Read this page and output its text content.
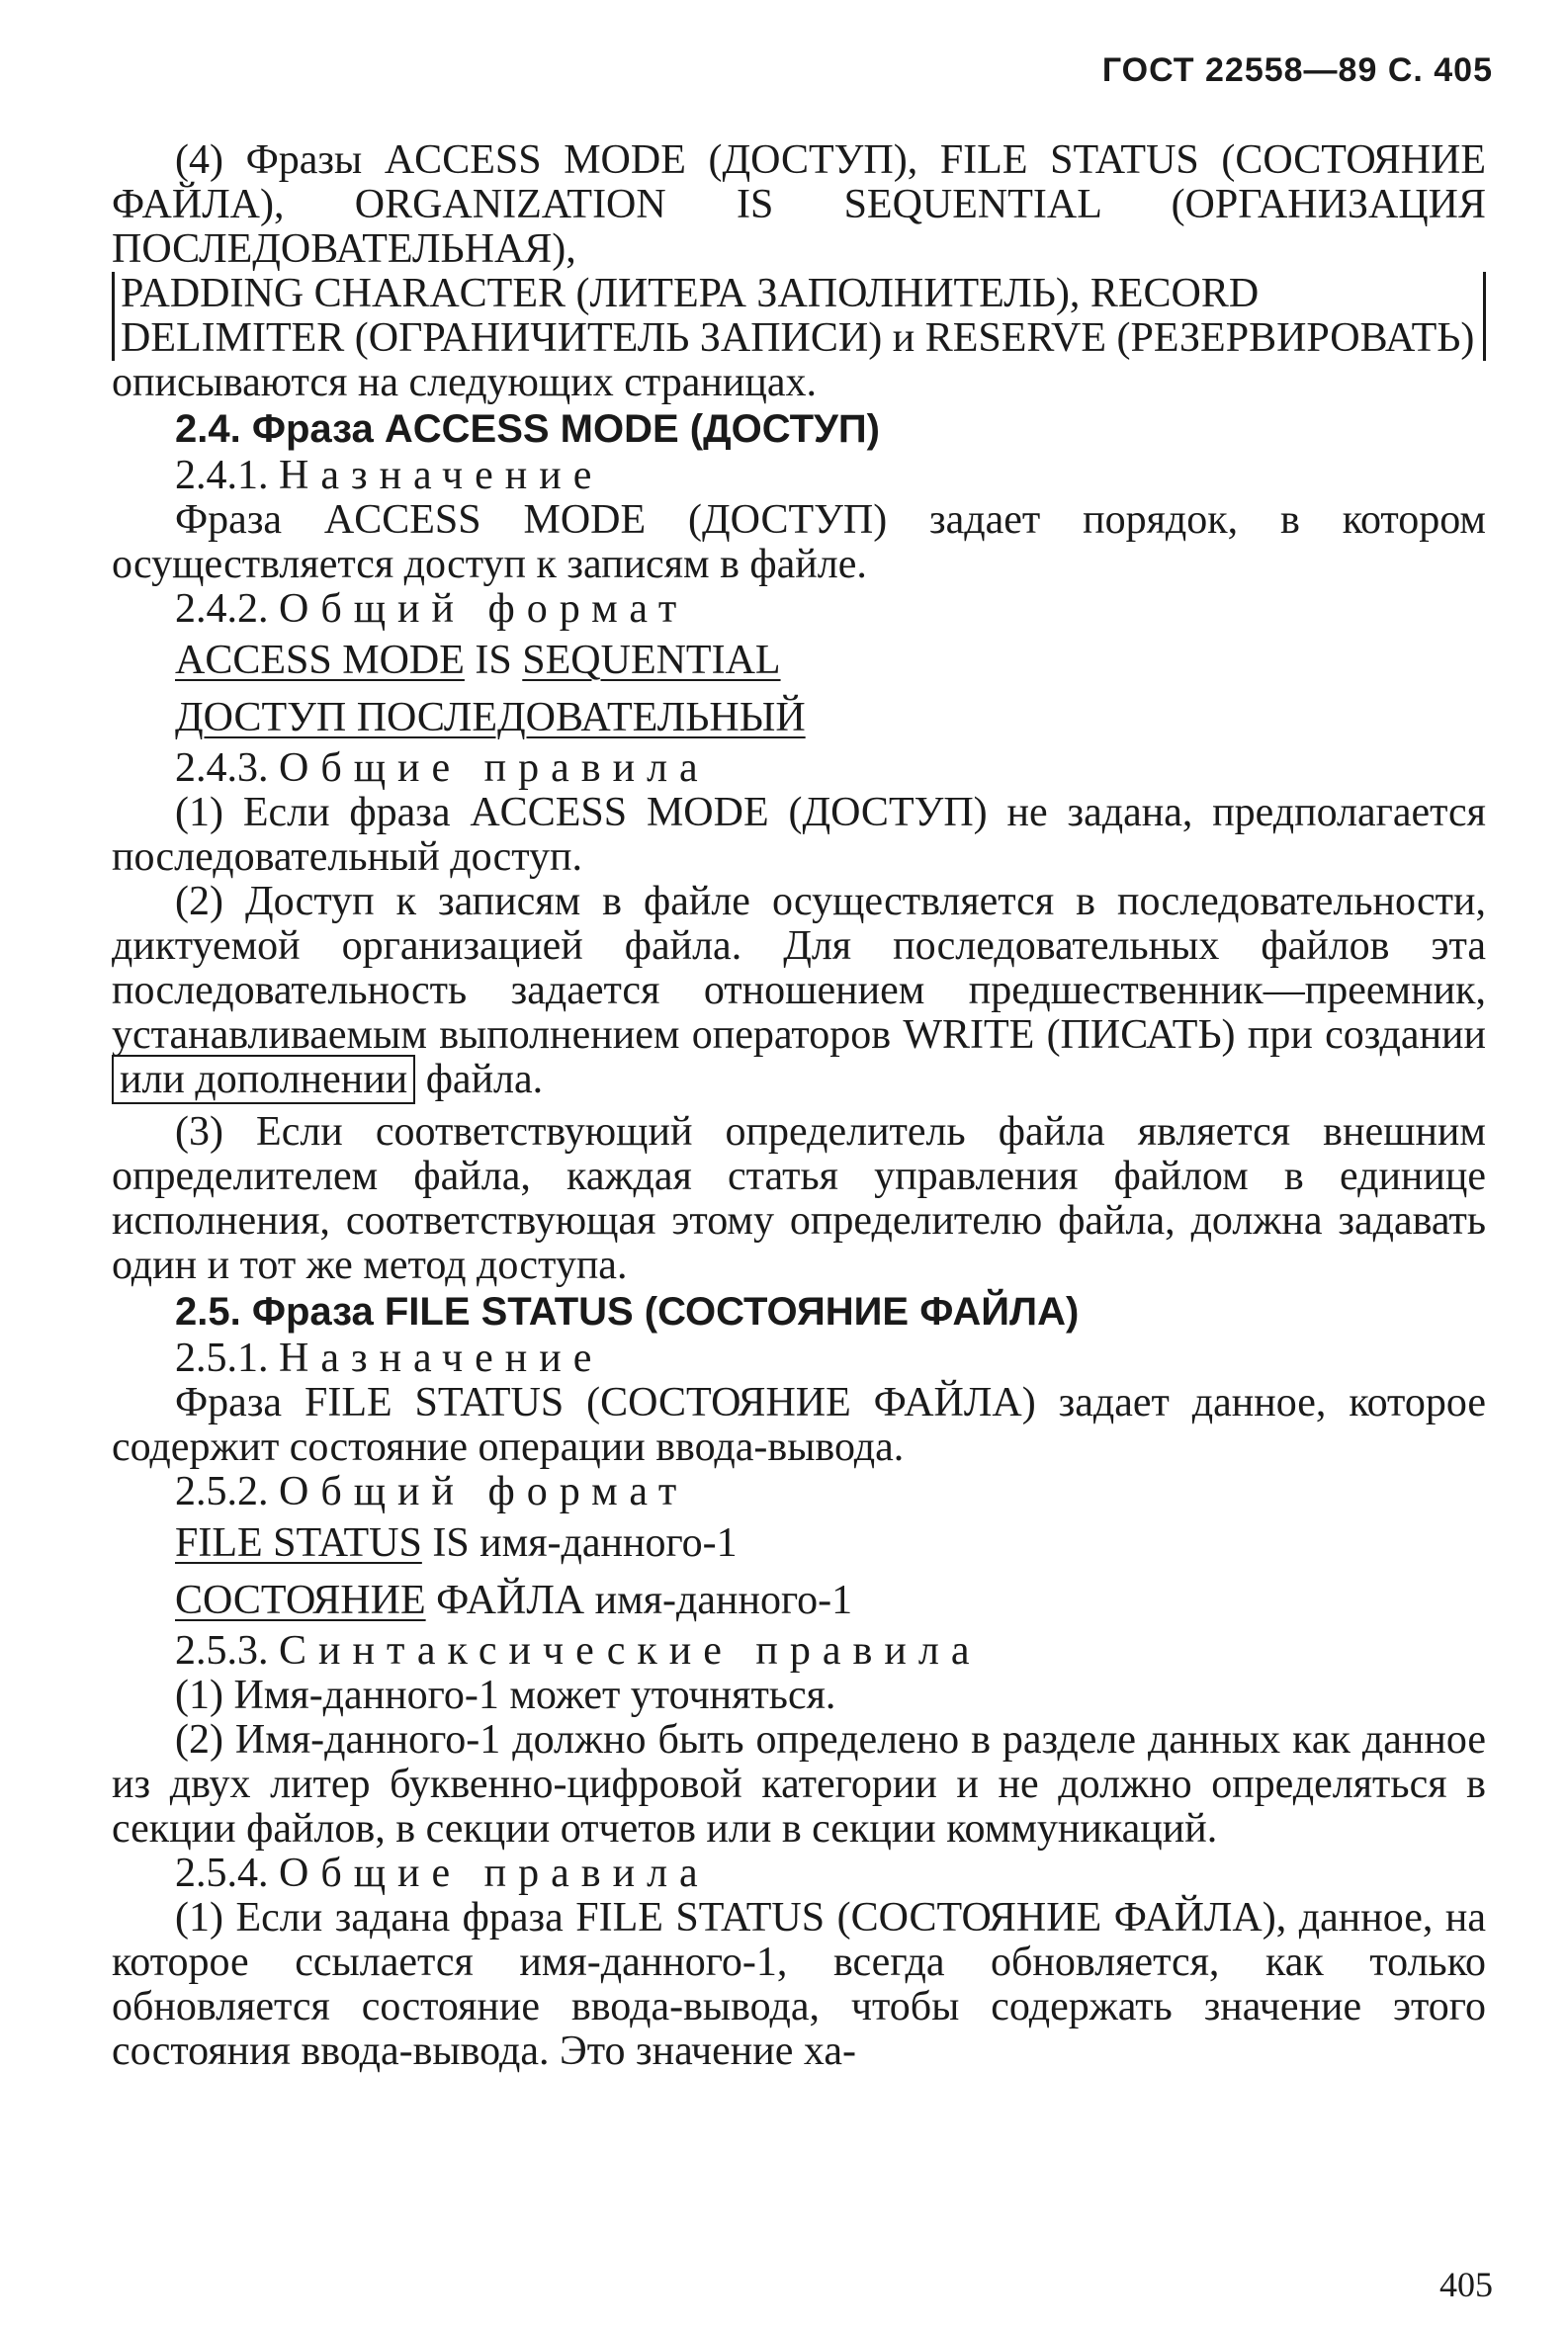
ГОСТ 22558—89 С. 405

(4) Фразы ACCESS MODE (ДОСТУП), FILE STATUS (СОСТОЯНИЕ ФАЙЛА), ORGANIZATION IS SEQUENTIAL (ОРГАНИЗАЦИЯ ПОСЛЕДОВАТЕЛЬНАЯ),

PADDING CHARACTER (ЛИТЕРА ЗАПОЛНИТЕЛЬ), RECORD DELIMITER (ОГРАНИЧИТЕЛЬ ЗАПИСИ) и RESERVE (РЕЗЕРВИРОВАТЬ)

описываются на следующих страницах.

2.4. Фраза ACCESS MODE (ДОСТУП)
2.4.1. Назначение

Фраза ACCESS MODE (ДОСТУП) задает порядок, в котором осуществляется доступ к записям в файле.

2.4.2. Общий формат
ACCESS MODE IS SEQUENTIAL
ДОСТУП ПОСЛЕДОВАТЕЛЬНЫЙ
2.4.3. Общие правила

(1) Если фраза ACCESS MODE (ДОСТУП) не задана, предполагается последовательный доступ.

(2) Доступ к записям в файле осуществляется в последовательности, диктуемой организацией файла. Для последовательных файлов эта последовательность задается отношением предшественник—преемник, устанавливаемым выполнением операторов WRITE (ПИСАТЬ) при создании или дополнении файла.

(3) Если соответствующий определитель файла является внешним определителем файла, каждая статья управления файлом в единице исполнения, соответствующая этому определителю файла, должна задавать один и тот же метод доступа.

2.5. Фраза FILE STATUS (СОСТОЯНИЕ ФАЙЛА)
2.5.1. Назначение

Фраза FILE STATUS (СОСТОЯНИЕ ФАЙЛА) задает данное, которое содержит состояние операции ввода-вывода.

2.5.2. Общий формат
FILE STATUS IS имя-данного-1
СОСТОЯНИЕ ФАЙЛА имя-данного-1
2.5.3. Синтаксические правила

(1) Имя-данного-1 может уточняться.

(2) Имя-данного-1 должно быть определено в разделе данных как данное из двух литер буквенно-цифровой категории и не должно определяться в секции файлов, в секции отчетов или в секции коммуникаций.

2.5.4. Общие правила

(1) Если задана фраза FILE STATUS (СОСТОЯНИЕ ФАЙЛА), данное, на которое ссылается имя-данного-1, всегда обновляется, как только обновляется состояние ввода-вывода, чтобы содержать значение этого состояния ввода-вывода. Это значение ха-

405
